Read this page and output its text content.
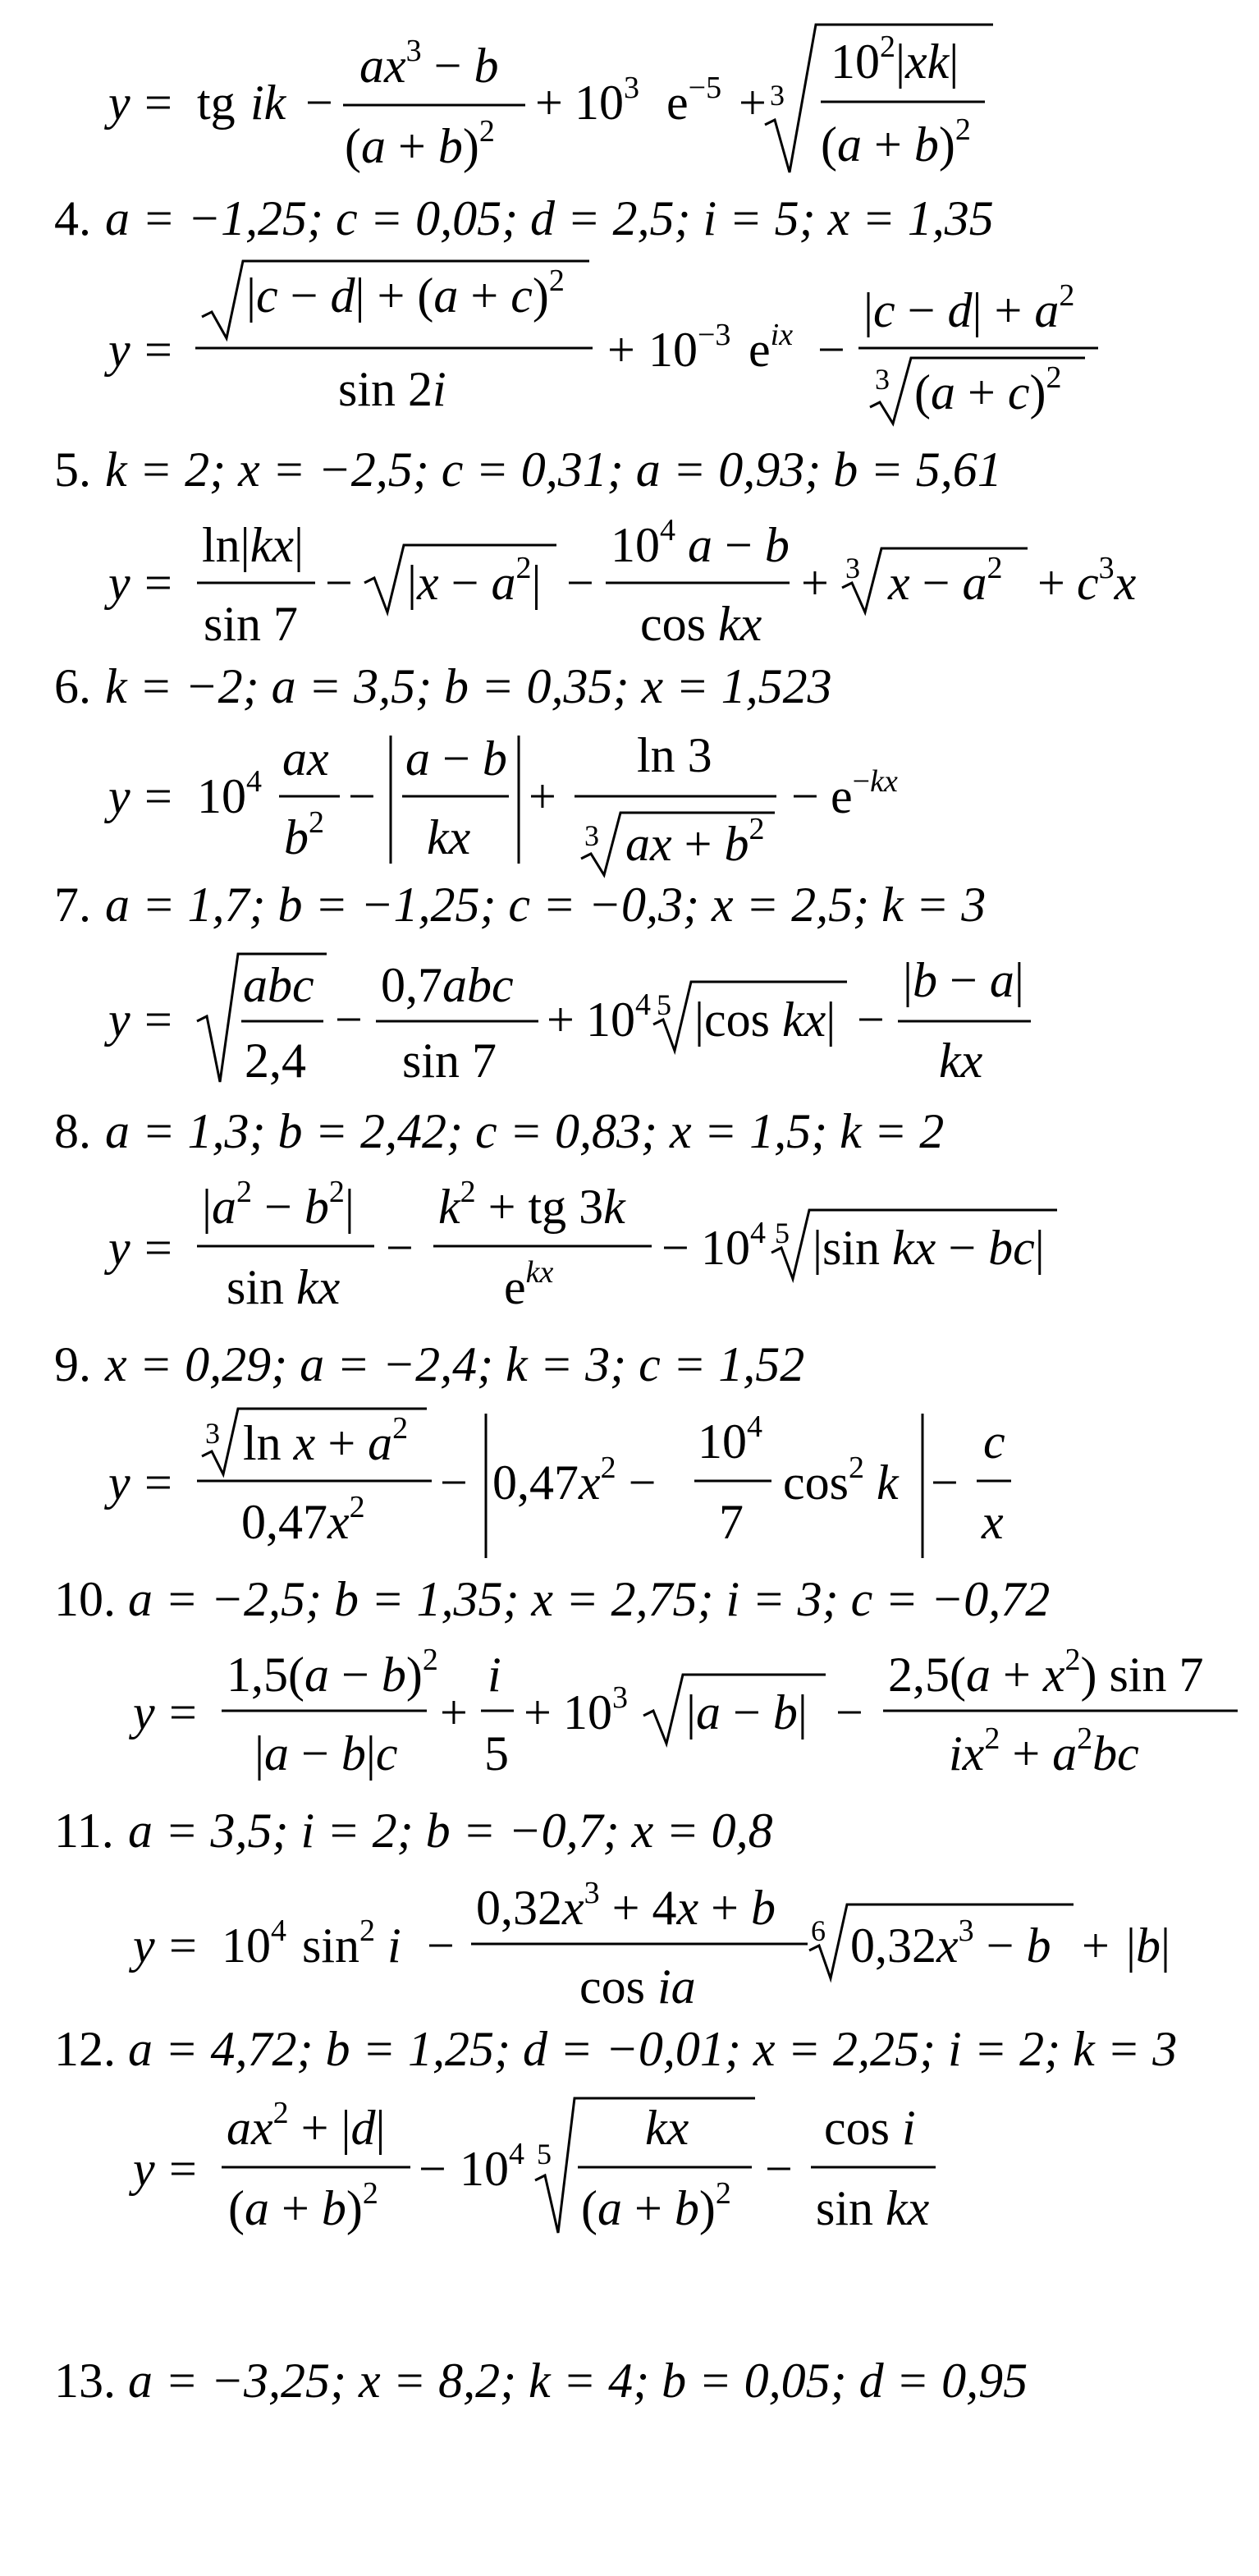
y = tg ik −
$ax^3 - b$
$(a + b)^2$
+ $10^3$ $e^{-5} + 3$
$10^2|xk|$
$(a + b)^2$
4. a = −1,25; c = 0,05; d = 2,5; i = 5; x = 1,35
y =
$|c - d| + (a + c)^2$
sin 2i
+ $10^{-3}$ $e^{ix}$ −
$|c - d| + a^2$
3 $(a + c)^2$
5. k = 2; x = −2,5; c = 0,31; a = 0,93; b = 5,61
y =
ln|kx|
sin 7
− $|x - a^2|$ −
$10^4$ a − b
cos kx
+ 3 $x - a^2 + c^3x$
6. k = −2; a = 3,5; b = 0,35; x = 1,523
$y = 10^4$ ax
$b^2$ −
a − b
kx
+
ln 3
3 ax + $b^2$
− e−kx
7. a = 1,7; b = −1,25; c = −0,3; x = 2,5; k = 3
y =
abc
2,4
−
0,7abc
sin 7
+ $10^4$ 5 |cos kx| −
|b − a|
kx
8. a = 1,3; b = 2,42; c = 0,83; x = 1,5; k = 2
y =
$|a^2 - b^2|$
sin kx
−
$k^2$ + tg 3k
$e^{kx} - 10^4$ 5 |sin kx − bc|
9. x = 0,29; a = −2,4; k = 3; c = 1,52
y =
3 $\ln x + a^2$
$0,47x^2 - 0,47x^2$ −
$10^4$
7
$\cos^2 k$ −
c
x
10. a = −2,5; b = 1,35; x = 2,75; i = 3; c = −0,72
y =
$1,5(a - b)^2$
|a − b|c
+
i
5
+ $10^3$ |a − b| −
$2,5(a + x^2)$ sin 7
$ix^2 + a^2bc$
11. a = 3,5; i = 2; b = −0,7; x = 0,8
$y = 10^4$ $\sin^2 i$ −
$0,32x^3 + 4x + b$
cos ia
6 $0,32x^3 - b + |b|$
12. a = 4,72; b = 1,25; d = −0,01; x = 2,25; i = 2; k = 3
y =
$ax^2 + |d|$
$(a + b)^2 - 10^4$ 5 kx
$(a + b)^2$ −
cos i
sin kx
13. a = −3,25; x = 8,2; k = 4; b = 0,05; d = 0,95
